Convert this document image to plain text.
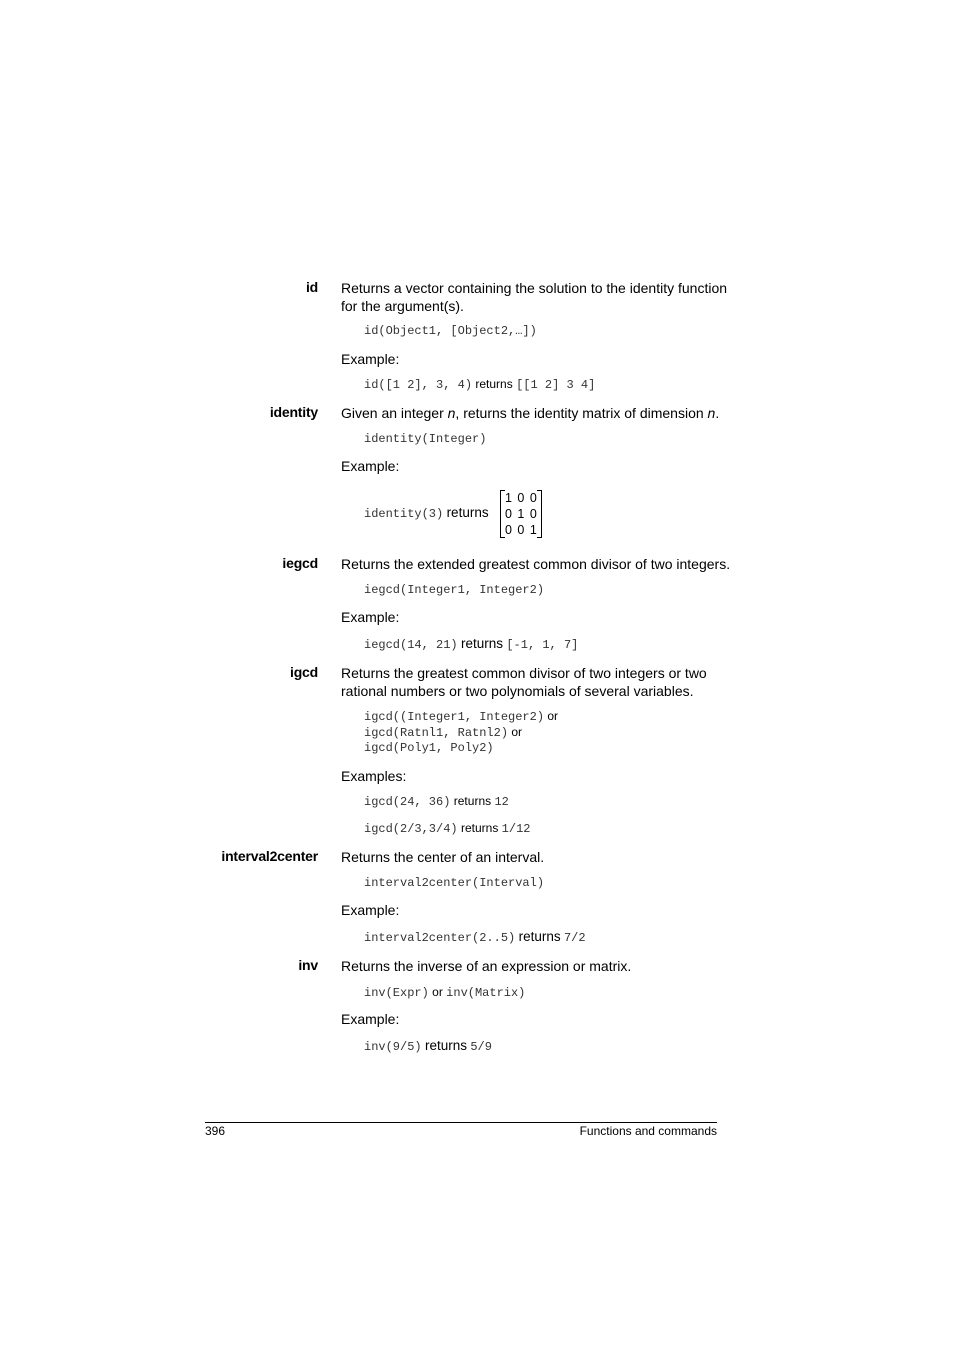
id Returns a vector containing the solution to the identity function
for the argument(s).
id(Object1, [Object2,…])
Example:
id([1 2], 3, 4) returns [[1 2] 3 4]
identity Given an integer n, returns the identity matrix of dimension n.
identity(Integer)
Example:
identity(3) returns
1 0 0
0 1 0
0 0 1
iegcd Returns the extended greatest common divisor of two integers.
iegcd(Integer1, Integer2)
Example:
iegcd(14, 21) returns [-1, 1, 7]
igcd Returns the greatest common divisor of two integers or two
rational numbers or two polynomials of several variables.
igcd((Integer1, Integer2) or
igcd(Ratnl1, Ratnl2) or
igcd(Poly1, Poly2)
Examples:
igcd(24, 36) returns 12
igcd(2/3,3/4) returns 1/12
interval2center Returns the center of an interval.
interval2center(Interval)
Example:
interval2center(2..5) returns 7/2
inv Returns the inverse of an expression or matrix.
inv(Expr) or inv(Matrix)
Example:
inv(9/5) returns 5/9
396	Functions and commands
